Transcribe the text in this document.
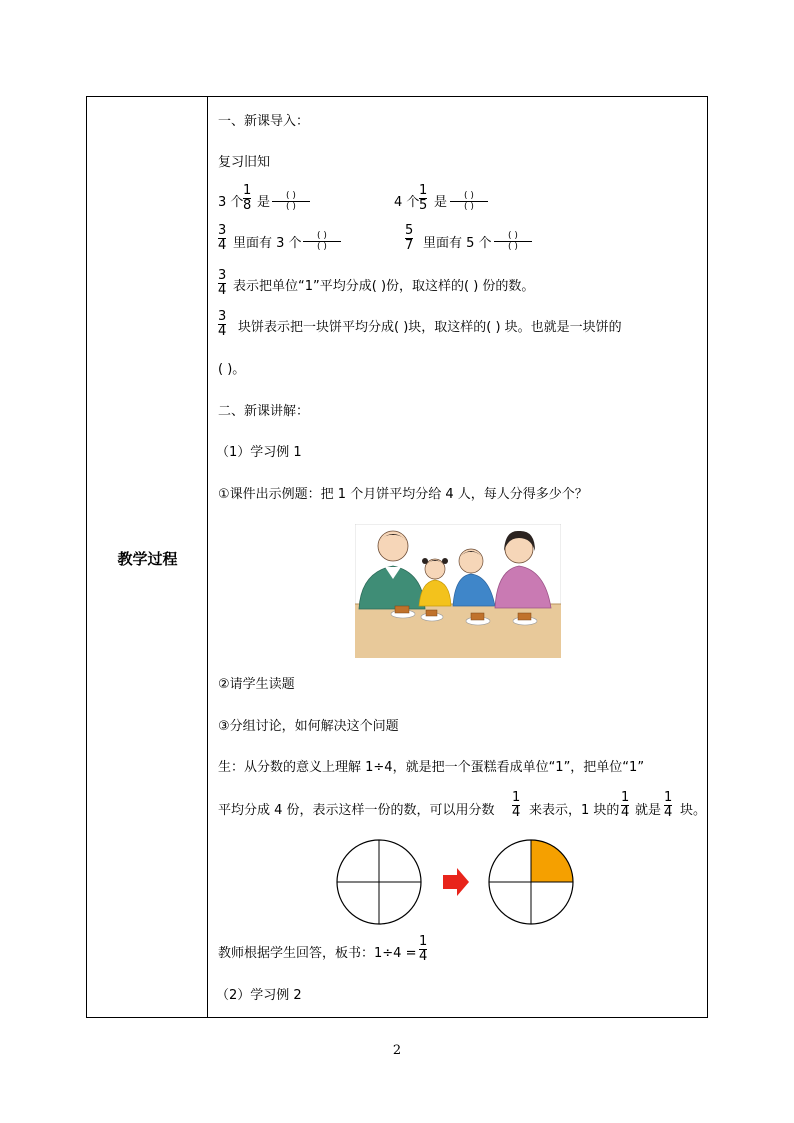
教学过程
一、新课导入：
复习旧知
3 个 $\frac{1}{8}$ 是	( )
( )	4 个 $\frac{1}{5}$ 是	( )
( )
$\frac{3}{4}$ 里面有 3 个	( )
( )	$\frac{5}{7}$ 里面有 5 个	( )
( )
$\frac{3}{4}$ 表示把单位“1”平均分成( )份，取这样的( ) 份的数。
$\frac{3}{4}$ 块饼表示把一块饼平均分成( )块，取这样的( ) 块。也就是一块饼的
( )。
二、新课讲解：
（1）学习例 1
①课件出示例题：把 1 个月饼平均分给 4 人，每人分得多少个？
②请学生读题
③分组讨论，如何解决这个问题
生：从分数的意义上理解 1÷4，就是把一个蛋糕看成单位“1”，把单位“1”
平均分成 4 份，表示这样一份的数，可以用分数 $\frac{1}{4}$ 来表示，1 块的 $\frac{1}{4}$ 就是 $\frac{1}{4}$ 块。
教师根据学生回答，板书：$1\div 4 = \frac{1}{4}$
（2）学习例 2
2
